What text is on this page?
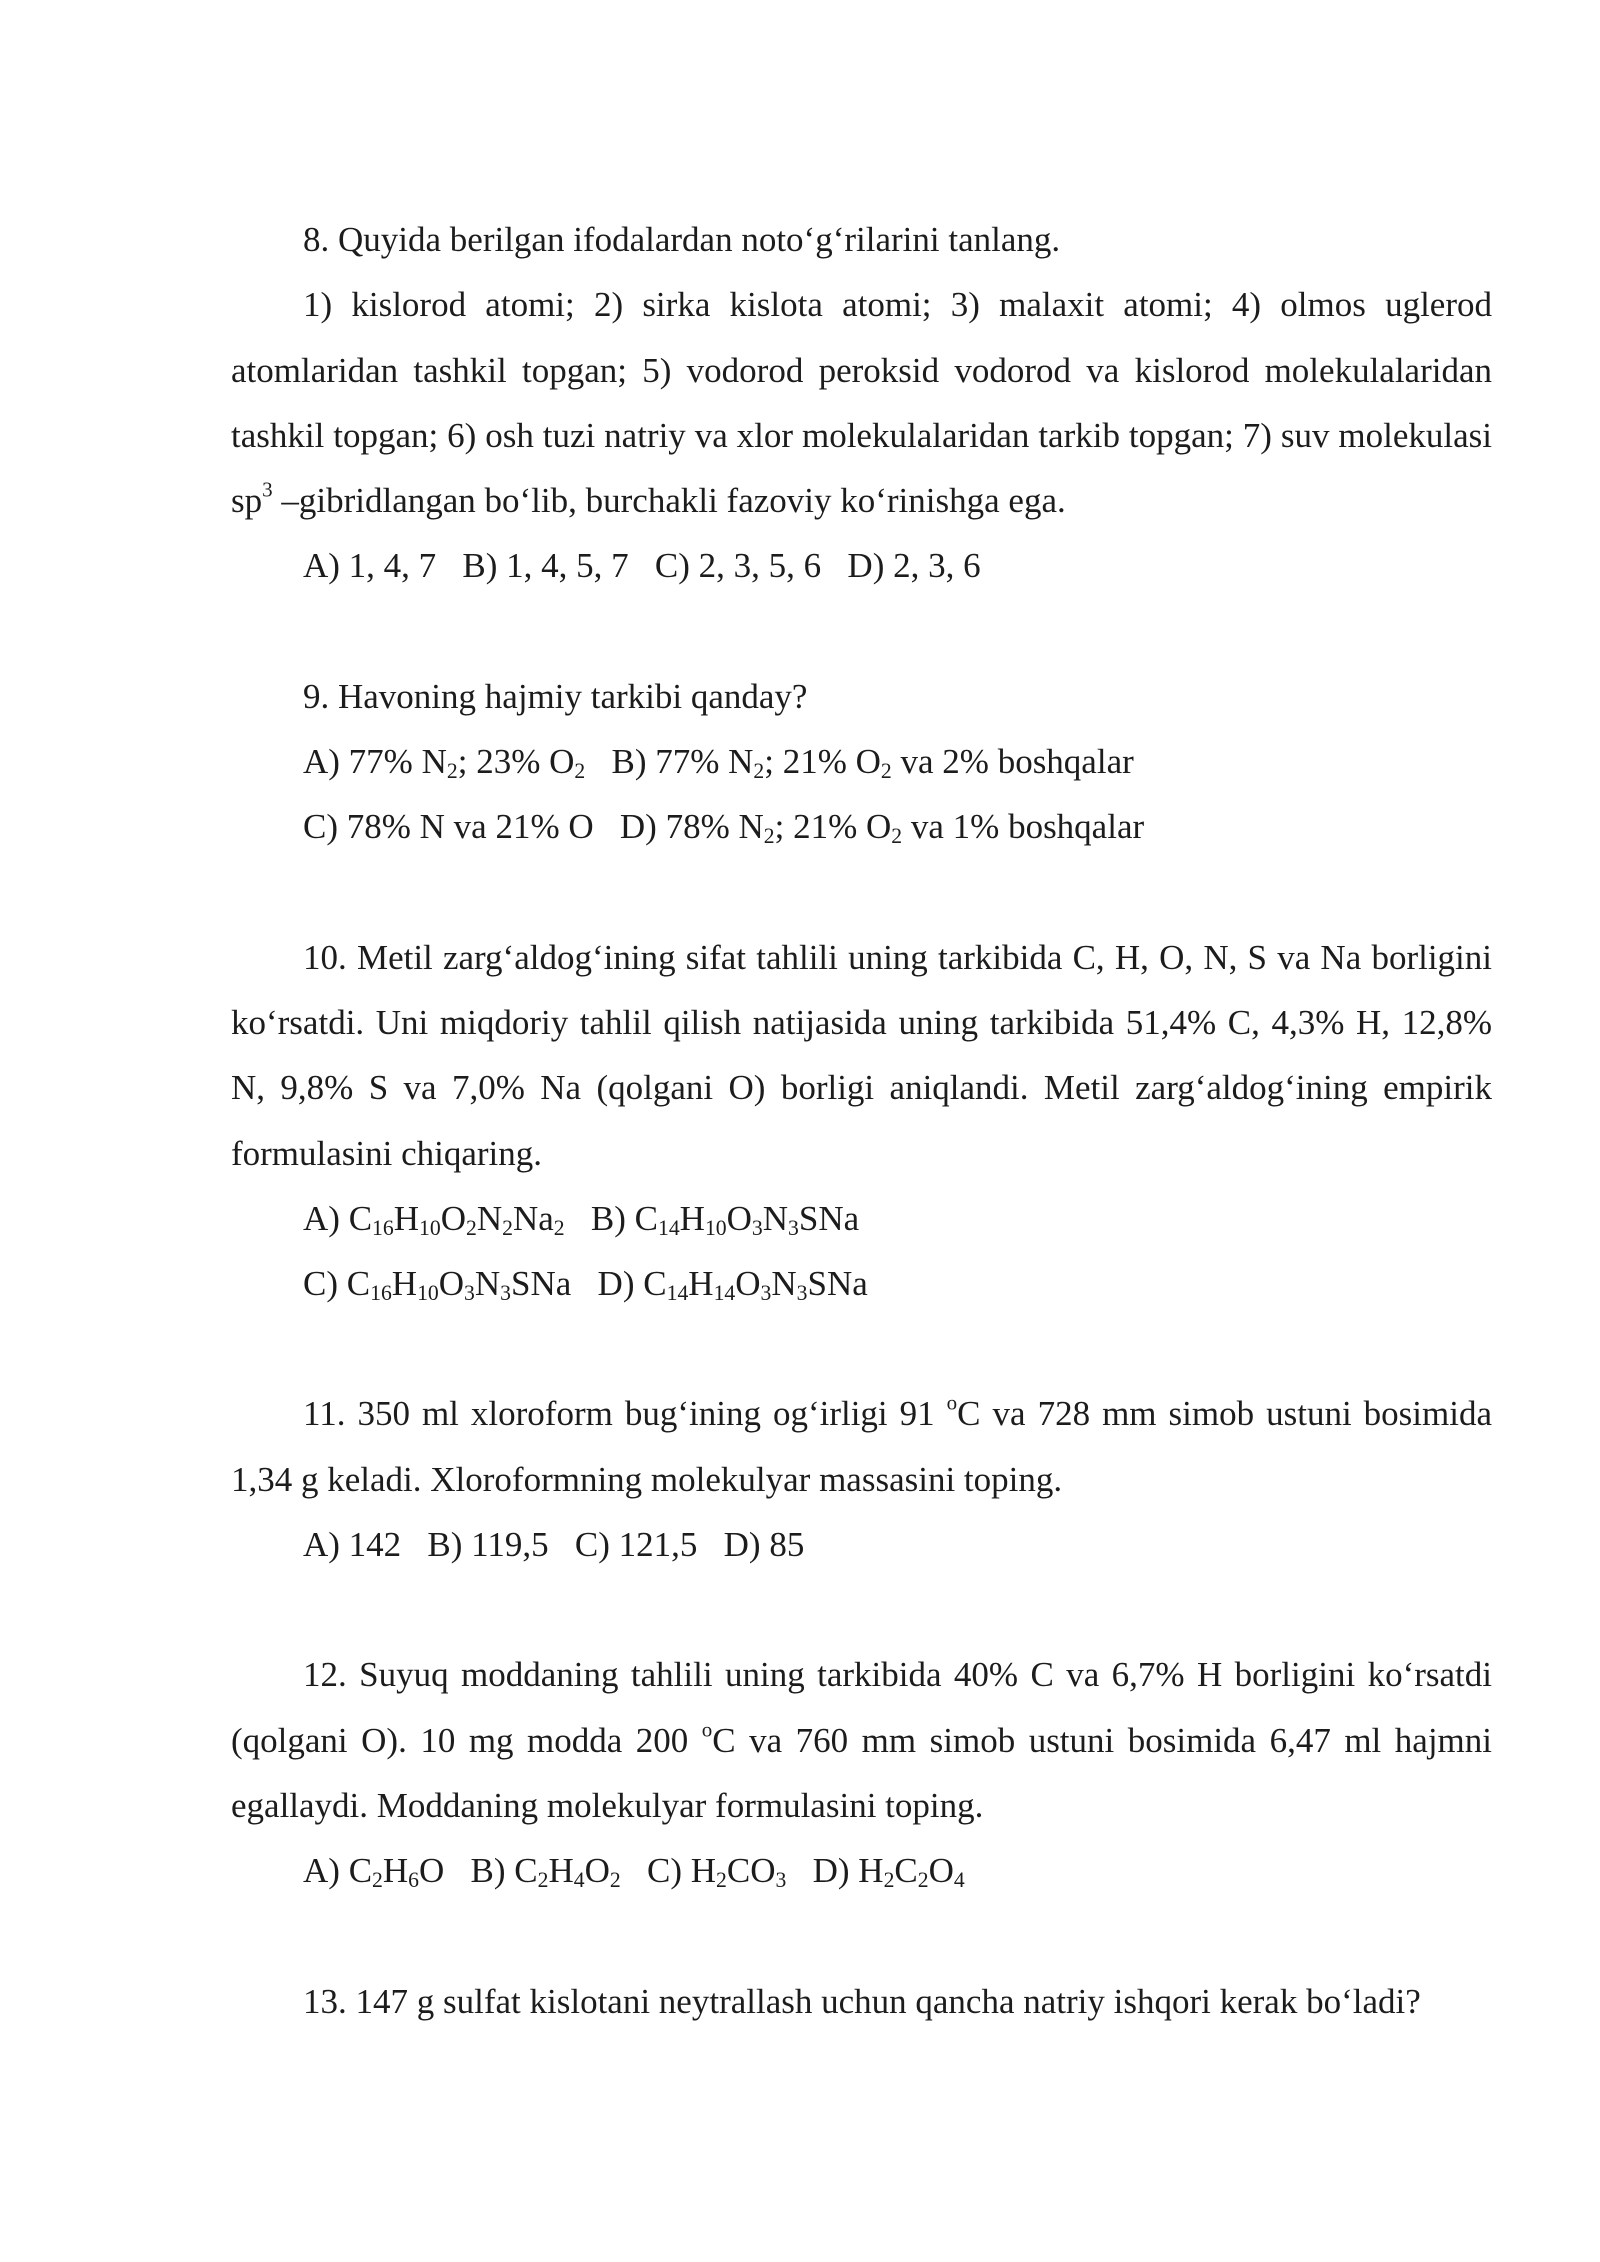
8. Quyida berilgan ifodalardan noto‘g‘rilarini tanlang.

1) kislorod atomi; 2) sirka kislota atomi; 3) malaxit atomi; 4) olmos uglerod atomlaridan tashkil topgan; 5) vodorod peroksid vodorod va kislorod molekulalaridan tashkil topgan; 6) osh tuzi natriy va xlor molekulalaridan tarkib topgan; 7) suv molekulasi $sp^3$ –gibridlangan bo‘lib, burchakli fazoviy ko‘rinishga ega.

A) 1, 4, 7   B) 1, 4, 5, 7   C) 2, 3, 5, 6   D) 2, 3, 6

9. Havoning hajmiy tarkibi qanday?

A) 77% $N_2$; 23% $O_2$   B) 77% $N_2$; 21% $O_2$ va 2% boshqalar

C) 78% N va 21% O   D) 78% $N_2$; 21% $O_2$ va 1% boshqalar

10. Metil zarg‘aldog‘ining sifat tahlili uning tarkibida C, H, O, N, S va Na borligini ko‘rsatdi. Uni miqdoriy tahlil qilish natijasida uning tarkibida 51,4% C, 4,3% H, 12,8% N, 9,8% S va 7,0% Na (qolgani O) borligi aniqlandi. Metil zarg‘aldog‘ining empirik formulasini chiqaring.

A) $C_{16}H_{10}O_2N_2Na_2$   B) $C_{14}H_{10}O_3N_3SNa$

C) $C_{16}H_{10}O_3N_3SNa$   D) $C_{14}H_{14}O_3N_3SNa$

11. 350 ml xloroform bug‘ining og‘irligi 91 $^o$C va 728 mm simob ustuni bosimida 1,34 g keladi. Xloroformning molekulyar massasini toping.

A) 142   B) 119,5   C) 121,5   D) 85

12. Suyuq moddaning tahlili uning tarkibida 40% C va 6,7% H borligini ko‘rsatdi (qolgani O). 10 mg modda 200 $^o$C va 760 mm simob ustuni bosimida 6,47 ml hajmni egallaydi. Moddaning molekulyar formulasini toping.

A) $C_2H_6O$   B) $C_2H_4O_2$   C) $H_2CO_3$   D) $H_2C_2O_4$

13. 147 g sulfat kislotani neytrallash uchun qancha natriy ishqori kerak bo‘ladi?
